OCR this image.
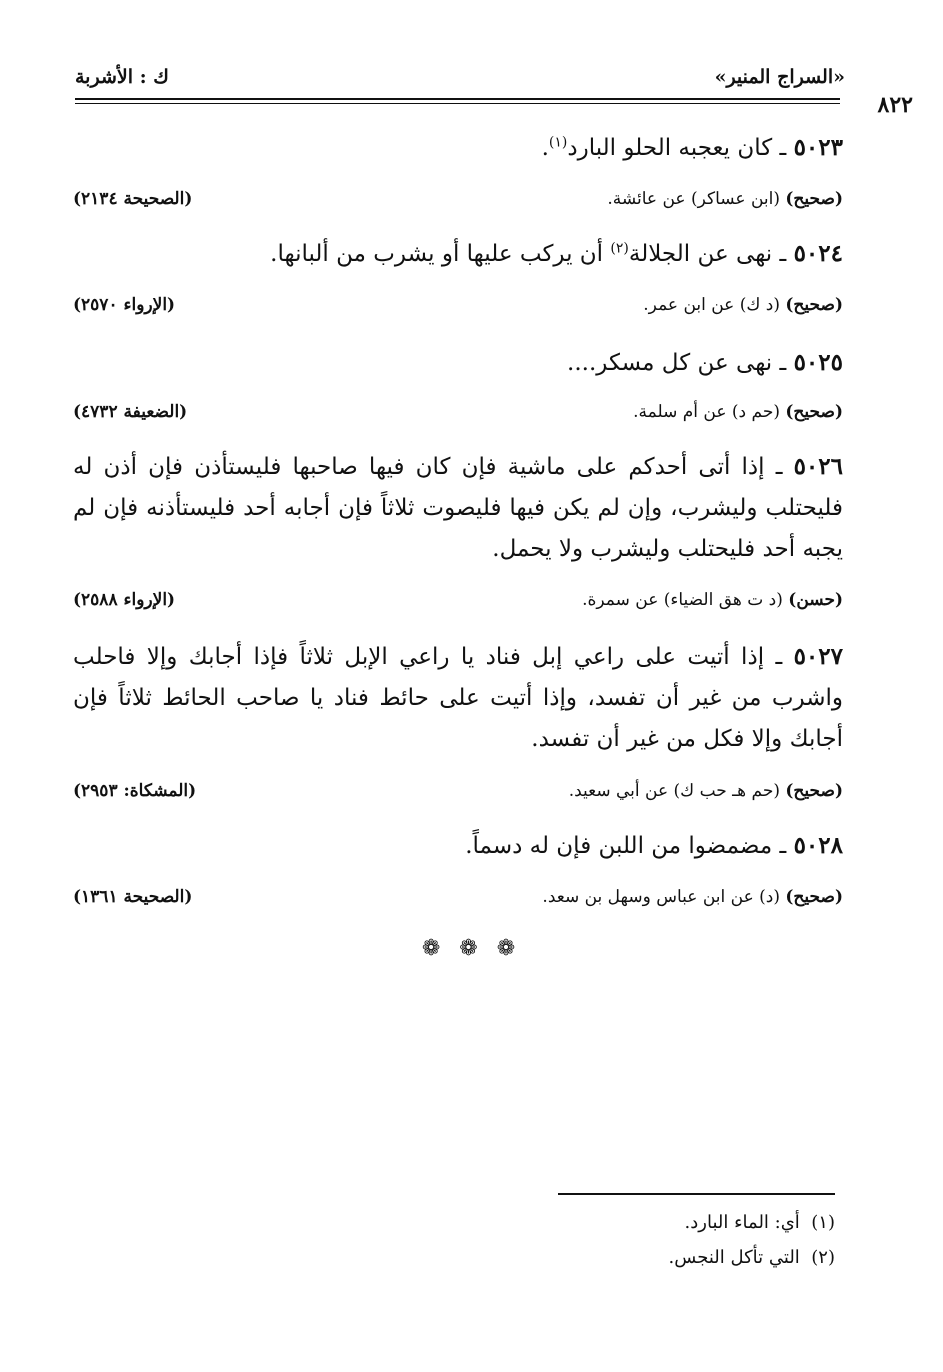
«السراج المنير»
ك : الأشربة
٨٢٢
٥٠٢٣ ـ كان يعجبه الحلو البارد$^{(١)}$.
(صحيح) (ابن عساكر) عن عائشة.
(الصحيحة ٢١٣٤)
٥٠٢٤ ـ نهى عن الجلالة$^{(٢)}$ أن يركب عليها أو يشرب من ألبانها.
(صحيح) (د ك) عن ابن عمر.
(الإرواء ٢٥٧٠)
٥٠٢٥ ـ نهى عن كل مسكر....
(صحيح) (حم د) عن أم سلمة.
(الضعيفة ٤٧٣٢)
٥٠٢٦ ـ إذا أتى أحدكم على ماشية فإن كان فيها صاحبها فليستأذن فإن أذن له فليحتلب وليشرب، وإن لم يكن فيها فليصوت ثلاثاً فإن أجابه أحد فليستأذنه فإن لم يجبه أحد فليحتلب وليشرب ولا يحمل.
(حسن) (د ت هق الضياء) عن سمرة.
(الإرواء ٢٥٨٨)
٥٠٢٧ ـ إذا أتيت على راعي إبل فناد يا راعي الإبل ثلاثاً فإذا أجابك وإلا فاحلب واشرب من غير أن تفسد، وإذا أتيت على حائط فناد يا صاحب الحائط ثلاثاً فإن أجابك وإلا فكل من غير أن تفسد.
(صحيح) (حم هـ حب ك) عن أبي سعيد.
(المشكاة: ٢٩٥٣)
٥٠٢٨ ـ مضمضوا من اللبن فإن له دسماً.
(صحيح) (د) عن ابن عباس وسهل بن سعد.
(الصحيحة ١٣٦١)
❁ ❁ ❁
(١)  أي: الماء البارد.
(٢)  التي تأكل النجس.
